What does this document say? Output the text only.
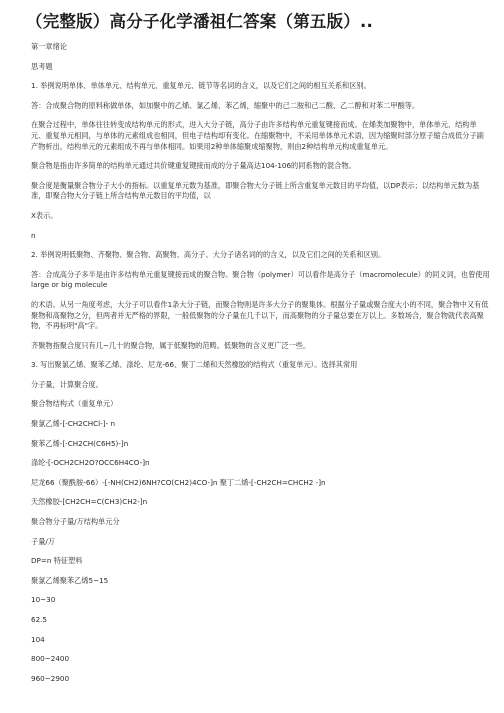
（完整版）高分子化学潘祖仁答案（第五版）..

第一章绪论

思考题

1. 举例说明单体、单体单元、结构单元、重复单元、链节等名词的含义，以及它们之间的相互关系和区别。

答：合成聚合物的原料称做单体，如加聚中的乙烯、氯乙烯、苯乙烯，缩聚中的己二胺和己二酸、乙二醇和对苯二甲酸等。

在聚合过程中，单体往往转变成结构单元的形式，进入大分子链，高分子由许多结构单元重复键接而成。在烯类加聚物中，单体单元、结构单元、重复单元相同，与单体的元素组成也相同，但电子结构却有变化。在缩聚物中，不采用单体单元术语，因为缩聚时部分原子缩合成低分子副产物析出，结构单元的元素组成不再与单体相同。如果用2种单体缩聚成缩聚物，则由2种结构单元构成重复单元。

聚合物是指由许多简单的结构单元通过共价键重复键接而成的分子量高达104-106的同系物的混合物。

聚合度是衡量聚合物分子大小的指标。以重复单元数为基准，即聚合物大分子链上所含重复单元数目的平均值，以DP表示；以结构单元数为基准，即聚合物大分子链上所含结构单元数目的平均值，以

X表示。

n

2. 举例说明低聚物、齐聚物、聚合物、高聚物、高分子、大分子诸名词的的含义，以及它们之间的关系和区别。

答：合成高分子多半是由许多结构单元重复键接而成的聚合物。聚合物（polymer）可以看作是高分子（macromolecule）的同义词，也曾使用large or big molecule

的术语。从另一角度考虑，大分子可以看作1条大分子链，而聚合物则是许多大分子的聚集体。根据分子量或聚合度大小的不同，聚合物中又有低聚物和高聚物之分，但两者并无严格的界限，一般低聚物的分子量在几千以下，而高聚物的分子量总要在万以上。多数场合，聚合物就代表高聚物，不再标明"高"字。

齐聚物指聚合度只有几~几十的聚合物，属于低聚物的范畴。低聚物的含义更广泛一些。

3. 写出聚氯乙烯、聚苯乙烯、涤纶、尼龙-66、聚丁二烯和天然橡胶的结构式（重复单元）。选择其常用

分子量，计算聚合度。

聚合物结构式（重复单元）

聚氯乙烯-[-CH2CHCl-]- n

聚苯乙烯-[-CH2CH(C6H5)-]n

涤纶-[-OCH2CH2O?OCC6H4CO-]n

尼龙66（聚酰胺-66）-[-NH(CH2)6NH?CO(CH2)4CO-]n 聚丁二烯-[-CH2CH=CHCH2 -]n

天然橡胶-[CH2CH=C(CH3)CH2-]n

聚合物分子量/万结构单元分

子量/万

DP=n 特征塑料

聚氯乙烯聚苯乙烯5~15

10~30

62.5

104

800~2400

960~2900
